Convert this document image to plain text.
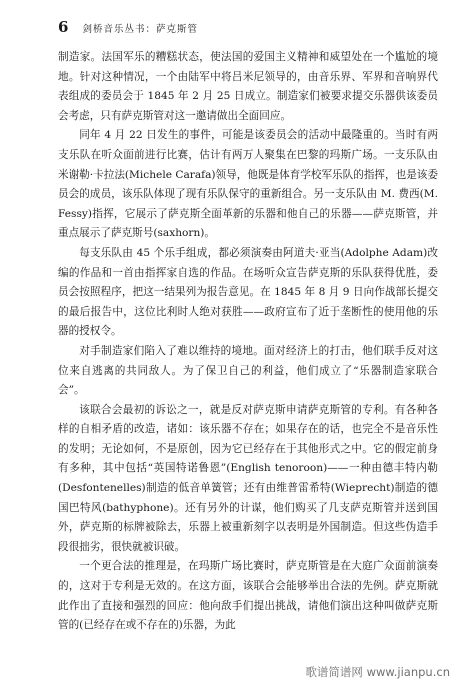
6 剑桥音乐丛书：萨克斯管

制造家。法国军乐的糟糕状态，使法国的爱国主义精神和威望处在一个尴尬的境地。针对这种情况，一个由陆军中将吕米尼领导的，由音乐界、军界和音响界代表组成的委员会于 1845 年 2 月 25 日成立。制造家们被要求提交乐器供该委员会考虑，只有萨克斯管对这一邀请做出全面回应。

同年 4 月 22 日发生的事件，可能是该委员会的活动中最隆重的。当时有两支乐队在听众面前进行比赛，估计有两万人聚集在巴黎的玛斯广场。一支乐队由米谢勒·卡拉法(Michele Carafa)领导，他既是体育学校军乐队的指挥，也是该委员会的成员，该乐队体现了现有乐队保守的重新组合。另一支乐队由 M. 费西(M. Fessy)指挥，它展示了萨克斯全面革新的乐器和他自己的乐器——萨克斯管，并重点展示了萨克斯号(saxhorn)。

每支乐队由 45 个乐手组成，都必须演奏由阿道夫·亚当(Adolphe Adam)改编的作品和一首由指挥家自选的作品。在场听众宣告萨克斯的乐队获得优胜，委员会按照程序，把这一结果列为报告意见。在 1845 年 8 月 9 日向作战部长提交的最后报告中，这位比利时人绝对获胜——政府宣布了近于垄断性的使用他的乐器的授权令。

对手制造家们陷入了难以维持的境地。面对经济上的打击，他们联手反对这位来自逃离的共同敌人。为了保卫自己的利益，他们成立了“乐器制造家联合会”。

该联合会最初的诉讼之一，就是反对萨克斯申请萨克斯管的专利。有各种各样的自相矛盾的改造，诸如：该乐器不存在；如果存在的话，也完全不是音乐性的发明；无论如何，不是原创，因为它已经存在于其他形式之中。它的假定前身有多种，其中包括“英国特诺鲁恩”(English tenoroon)——一种由德丰特内勒(Desfontenelles)制造的低音单簧管；还有由维普雷希特(Wieprecht)制造的德国巴特风(bathyphone)。还有另外的计谋，他们购买了几支萨克斯管并送到国外，萨克斯的标牌被除去，乐器上被重新刻字以表明是外国制造。但这些伪造手段很拙劣，很快就被识破。

一个更合法的推理是，在玛斯广场比赛时，萨克斯管是在大庭广众面前演奏的，这对于专利是无效的。在这方面，该联合会能够举出合法的先例。萨克斯就此作出了直接和强烈的回应：他向敌手们提出挑战，请他们演出这种叫做萨克斯管的(已经存在或不存在的)乐器，为此

歌谱简谱网 www.jianpu.cn
